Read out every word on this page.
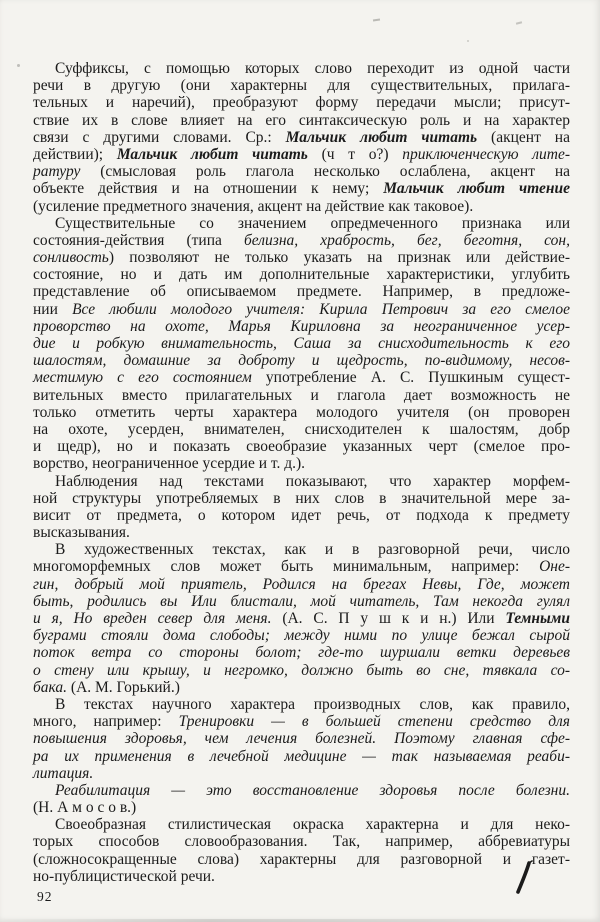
Суффиксы, с помощью которых слово переходит из одной части
речи в другую (они характерны для существительных, прилага-
тельных и наречий), преобразуют форму передачи мысли; присут-
ствие их в слове влияет на его синтаксическую роль и на характер
связи с другими словами. Ср.: Мальчик любит читать (акцент на
действии); Мальчик любит читать (ч т о?) приключенческую лите-
ратуру (смысловая роль глагола несколько ослаблена, акцент на
объекте действия и на отношении к нему; Мальчик любит чтение
(усиление предметного значения, акцент на действие как таковое).
Существительные со значением опредмеченного признака или
состояния-действия (типа белизна, храбрость, бег, беготня, сон,
сонливость) позволяют не только указать на признак или действие-
состояние, но и дать им дополнительные характеристики, углубить
представление об описываемом предмете. Например, в предложе-
нии Все любили молодого учителя: Кирила Петрович за его смелое
проворство на охоте, Марья Кириловна за неограниченное усер-
дие и робкую внимательность, Саша за снисходительность к его
шалостям, домашние за доброту и щедрость, по-видимому, несов-
местимую с его состоянием употребление А. С. Пушкиным сущест-
вительных вместо прилагательных и глагола дает возможность не
только отметить черты характера молодого учителя (он проворен
на охоте, усерден, внимателен, снисходителен к шалостям, добр
и щедр), но и показать своеобразие указанных черт (смелое про-
ворство, неограниченное усердие и т. д.).
Наблюдения над текстами показывают, что характер морфем-
ной структуры употребляемых в них слов в значительной мере за-
висит от предмета, о котором идет речь, от подхода к предмету
высказывания.
В художественных текстах, как и в разговорной речи, число
многоморфемных слов может быть минимальным, например: Оне-
гин, добрый мой приятель, Родился на брегах Невы, Где, может
быть, родились вы Или блистали, мой читатель, Там некогда гулял
и я, Но вреден север для меня. (А. С. П у ш к и н.) Или Темными
буграми стояли дома слободы; между ними по улице бежал сырой
поток ветра со стороны болот; где-то шуршали ветки деревьев
о стену или крышу, и негромко, должно быть во сне, тявкала со-
бака. (А. М. Горький.)
В текстах научного характера производных слов, как правило,
много, например: Тренировки — в большей степени средство для
повышения здоровья, чем лечения болезней. Поэтому главная сфе-
ра их применения в лечебной медицине — так называемая реаби-
литация.
Реабилитация — это восстановление здоровья после болезни.
(Н. А м о с о в.)
Своеобразная стилистическая окраска характерна и для неко-
торых способов словообразования. Так, например, аббревиатуры
(сложносокращенные слова) характерны для разговорной и газет-
но-публицистической речи.
92
